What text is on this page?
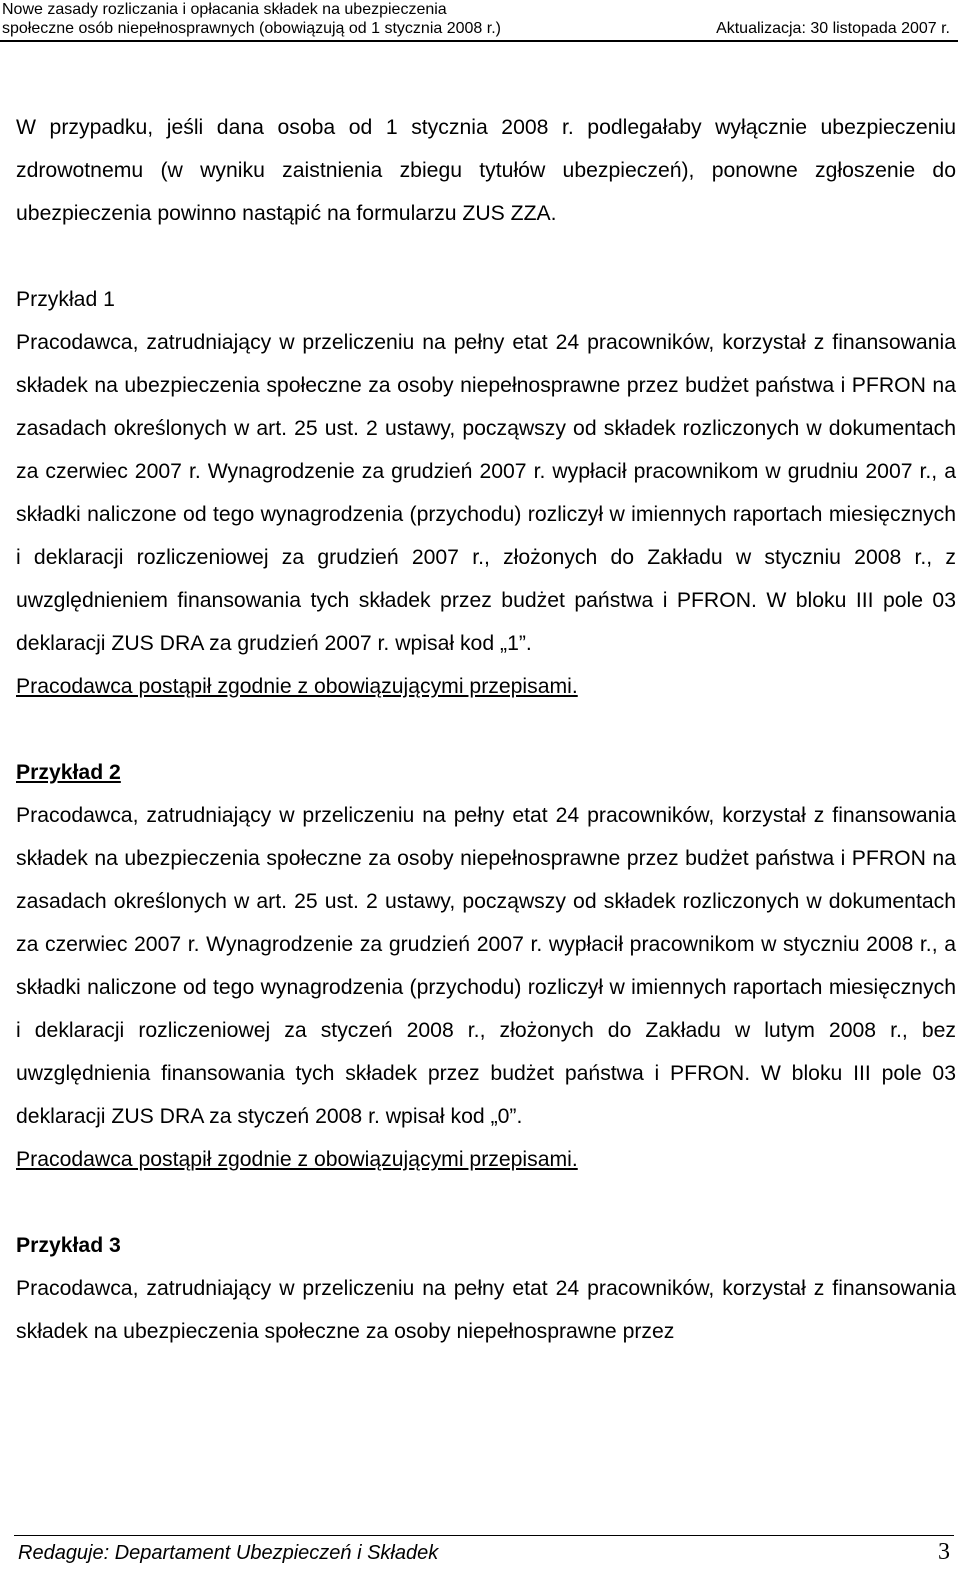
Nowe zasady rozliczania i opłacania składek na ubezpieczenia
społeczne osób niepełnosprawnych (obowiązują od 1 stycznia 2008 r.)	Aktualizacja: 30 listopada 2007 r.

W przypadku, jeśli dana osoba od 1 stycznia 2008 r. podlegałaby wyłącznie ubezpieczeniu zdrowotnemu (w wyniku zaistnienia zbiegu tytułów ubezpieczeń), ponowne zgłoszenie do ubezpieczenia powinno nastąpić na formularzu ZUS ZZA.

Przykład 1

Pracodawca, zatrudniający w przeliczeniu na pełny etat 24 pracowników, korzystał z finansowania składek na ubezpieczenia społeczne za osoby niepełnosprawne przez budżet państwa i PFRON na zasadach określonych w art. 25 ust. 2 ustawy, począwszy od składek rozliczonych w dokumentach za czerwiec 2007 r. Wynagrodzenie za grudzień 2007 r. wypłacił pracownikom w grudniu 2007 r., a składki naliczone od tego wynagrodzenia (przychodu) rozliczył w imiennych raportach miesięcznych i deklaracji rozliczeniowej za grudzień 2007 r., złożonych do Zakładu w styczniu 2008 r., z uwzględnieniem finansowania tych składek przez budżet państwa i PFRON. W bloku III pole 03 deklaracji ZUS DRA za grudzień 2007 r. wpisał kod „1”.

Pracodawca postąpił zgodnie z obowiązującymi przepisami.

Przykład 2

Pracodawca, zatrudniający w przeliczeniu na pełny etat 24 pracowników, korzystał z finansowania składek na ubezpieczenia społeczne za osoby niepełnosprawne przez budżet państwa i PFRON na zasadach określonych w art. 25 ust. 2 ustawy, począwszy od składek rozliczonych w dokumentach za czerwiec 2007 r. Wynagrodzenie za grudzień 2007 r. wypłacił pracownikom w styczniu 2008 r., a składki naliczone od tego wynagrodzenia (przychodu) rozliczył w imiennych raportach miesięcznych i deklaracji rozliczeniowej za styczeń 2008 r., złożonych do Zakładu w lutym 2008 r., bez uwzględnienia finansowania tych składek przez budżet państwa i PFRON. W bloku III pole 03 deklaracji ZUS DRA za styczeń 2008 r. wpisał kod „0”.

Pracodawca postąpił zgodnie z obowiązującymi przepisami.

Przykład 3

Pracodawca, zatrudniający w przeliczeniu na pełny etat 24 pracowników, korzystał z finansowania składek na ubezpieczenia społeczne za osoby niepełnosprawne przez

Redaguje: Departament Ubezpieczeń i Składek	3
